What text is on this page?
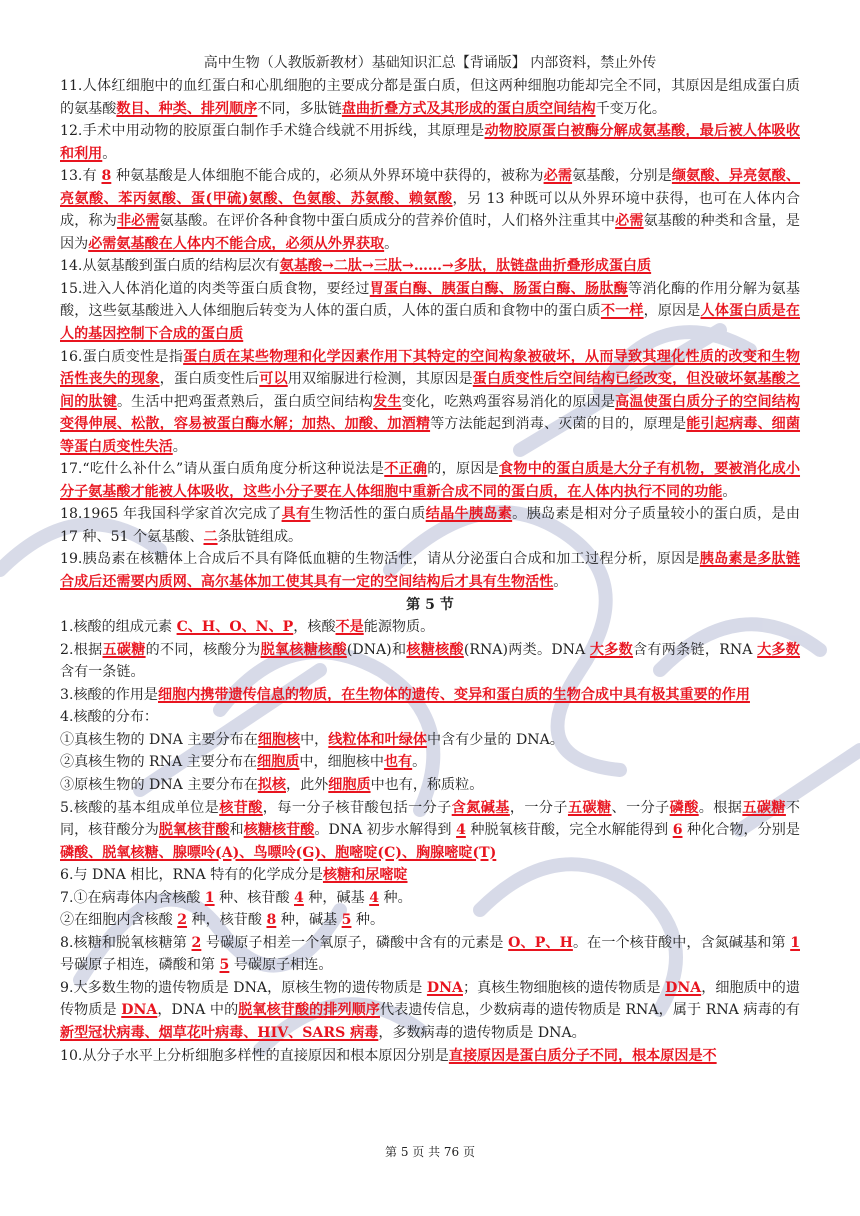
高中生物（人教版新教材）基础知识汇总【背诵版】 内部资料，禁止外传

11.人体红细胞中的血红蛋白和心肌细胞的主要成分都是蛋白质，但这两种细胞功能却完全不同，其原因是组成蛋白质的氨基酸数目、种类、排列顺序不同，多肽链盘曲折叠方式及其形成的蛋白质空间结构千变万化。

12.手术中用动物的胶原蛋白制作手术缝合线就不用拆线，其原理是动物胶原蛋白被酶分解成氨基酸，最后被人体吸收和利用。

13.有 8 种氨基酸是人体细胞不能合成的，必须从外界环境中获得的，被称为必需氨基酸，分别是缬氨酸、异亮氨酸、亮氨酸、苯丙氨酸、蛋(甲硫)氨酸、色氨酸、苏氨酸、赖氨酸，另 13 种既可以从外界环境中获得，也可在人体内合成，称为非必需氨基酸。在评价各种食物中蛋白质成分的营养价值时，人们格外注重其中必需氨基酸的种类和含量，是因为必需氨基酸在人体内不能合成，必须从外界获取。

14.从氨基酸到蛋白质的结构层次有氨基酸→二肽→三肽→……→多肽，肽链盘曲折叠形成蛋白质

15.进入人体消化道的肉类等蛋白质食物，要经过胃蛋白酶、胰蛋白酶、肠蛋白酶、肠肽酶等消化酶的作用分解为氨基酸，这些氨基酸进入人体细胞后转变为人体的蛋白质，人体的蛋白质和食物中的蛋白质不一样，原因是人体蛋白质是在人的基因控制下合成的蛋白质

16.蛋白质变性是指蛋白质在某些物理和化学因素作用下其特定的空间构象被破坏，从而导致其理化性质的改变和生物活性丧失的现象，蛋白质变性后可以用双缩脲进行检测，其原因是蛋白质变性后空间结构已经改变，但没破坏氨基酸之间的肽键。生活中把鸡蛋煮熟后，蛋白质空间结构发生变化，吃熟鸡蛋容易消化的原因是高温使蛋白质分子的空间结构变得伸展、松散，容易被蛋白酶水解；加热、加酸、加酒精等方法能起到消毒、灭菌的目的，原理是能引起病毒、细菌等蛋白质变性失活。

17.“吃什么补什么”请从蛋白质角度分析这种说法是不正确的，原因是食物中的蛋白质是大分子有机物，要被消化成小分子氨基酸才能被人体吸收，这些小分子要在人体细胞中重新合成不同的蛋白质，在人体内执行不同的功能。

18.1965 年我国科学家首次完成了具有生物活性的蛋白质结晶牛胰岛素。胰岛素是相对分子质量较小的蛋白质，是由 17 种、51 个氨基酸、二条肽链组成。

19.胰岛素在核糖体上合成后不具有降低血糖的生物活性，请从分泌蛋白合成和加工过程分析，原因是胰岛素是多肽链合成后还需要内质网、高尔基体加工使其具有一定的空间结构后才具有生物活性。

第 5 节

1.核酸的组成元素 C、H、O、N、P，核酸不是能源物质。

2.根据五碳糖的不同，核酸分为脱氧核糖核酸(DNA)和核糖核酸(RNA)两类。DNA 大多数含有两条链，RNA 大多数含有一条链。

3.核酸的作用是细胞内携带遗传信息的物质，在生物体的遗传、变异和蛋白质的生物合成中具有极其重要的作用

4.核酸的分布：

①真核生物的 DNA 主要分布在细胞核中，线粒体和叶绿体中含有少量的 DNA。

②真核生物的 RNA 主要分布在细胞质中，细胞核中也有。

③原核生物的 DNA 主要分布在拟核，此外细胞质中也有，称质粒。

5.核酸的基本组成单位是核苷酸，每一分子核苷酸包括一分子含氮碱基，一分子五碳糖、一分子磷酸。根据五碳糖不同，核苷酸分为脱氧核苷酸和核糖核苷酸。DNA 初步水解得到 4 种脱氧核苷酸，完全水解能得到 6 种化合物，分别是磷酸、脱氧核糖、腺嘌呤(A)、鸟嘌呤(G)、胞嘧啶(C)、胸腺嘧啶(T)

6.与 DNA 相比，RNA 特有的化学成分是核糖和尿嘧啶

7.①在病毒体内含核酸 1 种、核苷酸 4 种，碱基 4 种。

②在细胞内含核酸 2 种，核苷酸 8 种，碱基 5 种。

8.核糖和脱氧核糖第 2 号碳原子相差一个氧原子，磷酸中含有的元素是 O、P、H。在一个核苷酸中，含氮碱基和第 1 号碳原子相连，磷酸和第 5 号碳原子相连。

9.大多数生物的遗传物质是 DNA，原核生物的遗传物质是 DNA；真核生物细胞核的遗传物质是 DNA，细胞质中的遗传物质是 DNA，DNA 中的脱氧核苷酸的排列顺序代表遗传信息，少数病毒的遗传物质是 RNA，属于 RNA 病毒的有新型冠状病毒、烟草花叶病毒、HIV、SARS 病毒，多数病毒的遗传物质是 DNA。

10.从分子水平上分析细胞多样性的直接原因和根本原因分别是直接原因是蛋白质分子不同，根本原因是不

第 5 页 共 76 页
